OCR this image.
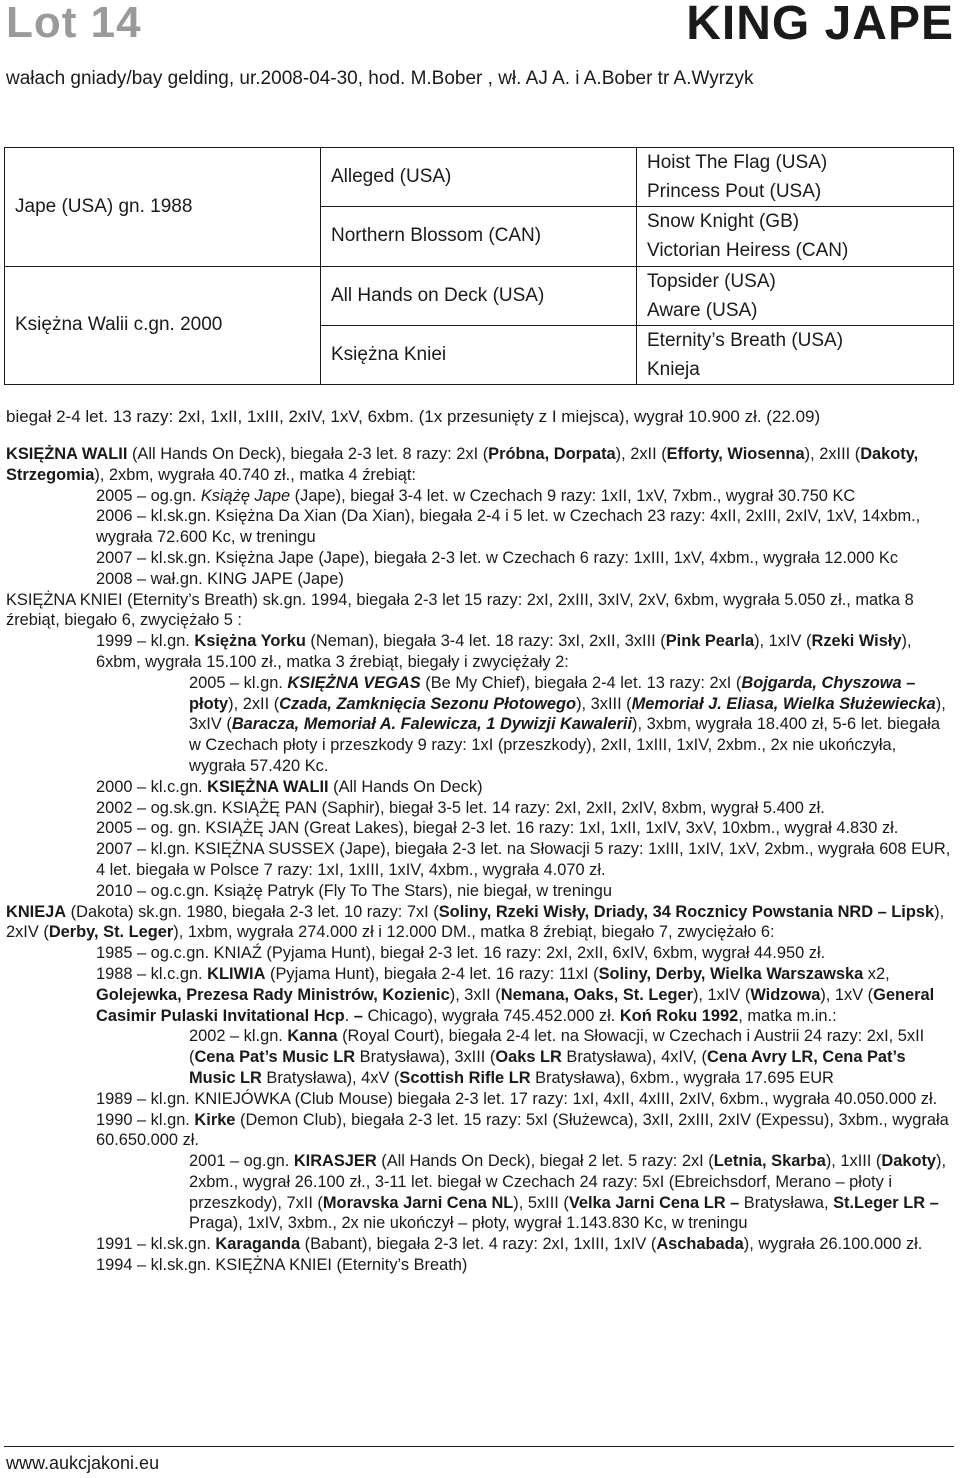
Lot 14	KING JAPE
wałach gniady/bay gelding, ur.2008-04-30, hod. M.Bober , wł. AJ A. i A.Bober tr A.Wyrzyk
Jape (USA) gn. 1988
Księżna Walii c.gn. 2000
Alleged (USA)
Northern Blossom (CAN)
All Hands on Deck (USA)
Księżna Kniei
Hoist The Flag (USA)
Princess Pout (USA)
Snow Knight (GB)
Victorian Heiress (CAN)
Topsider (USA)
Aware (USA)
Eternity’s Breath (USA)
Knieja

biegał 2-4 let. 13 razy: 2xI, 1xII, 1xIII, 2xIV, 1xV, 6xbm. (1x przesunięty z I miejsca), wygrał 10.900 zł. (22.09)

KSIĘŻNA WALII (All Hands On Deck), biegała 2-3 let. 8 razy: 2xI (Próbna, Dorpata), 2xII (Efforty, Wiosenna), 2xIII (Dakoty, Strzegomia), 2xbm, wygrała 40.740 zł., matka 4 źrebiąt:

2005 – og.gn. Książę Jape (Jape), biegał 3-4 let. w Czechach 9 razy: 1xII, 1xV, 7xbm., wygrał 30.750 KC

2006 – kl.sk.gn. Księżna Da Xian (Da Xian), biegała 2-4 i 5 let. w Czechach 23 razy: 4xII, 2xIII, 2xIV, 1xV, 14xbm., wygrała 72.600 Kc, w treningu

2007 – kl.sk.gn. Księżna Jape (Jape), biegała 2-3 let. w Czechach 6 razy: 1xIII, 1xV, 4xbm., wygrała 12.000 Kc

2008 – wał.gn. KING JAPE (Jape)

KSIĘŻNA KNIEI (Eternity’s Breath) sk.gn. 1994, biegała 2-3 let 15 razy: 2xI, 2xIII, 3xIV, 2xV, 6xbm, wygrała 5.050 zł., matka 8 źrebiąt, biegało 6, zwyciężało 5 :

1999 – kl.gn. Księżna Yorku (Neman), biegała 3-4 let. 18 razy: 3xI, 2xII, 3xIII (Pink Pearla), 1xIV (Rzeki Wisły), 6xbm, wygrała 15.100 zł., matka 3 źrebiąt, biegały i zwyciężały 2:

2005 – kl.gn. KSIĘŻNA VEGAS (Be My Chief), biegała 2-4 let. 13 razy: 2xI (Bojgarda, Chyszowa – płoty), 2xII (Czada, Zamknięcia Sezonu Płotowego), 3xIII (Memoriał J. Eliasa, Wielka Służewiecka), 3xIV (Baracza, Memoriał A. Falewicza, 1 Dywizji Kawalerii), 3xbm, wygrała 18.400 zł, 5-6 let. biegała w Czechach płoty i przeszkody 9 razy: 1xI (przeszkody), 2xII, 1xIII, 1xIV, 2xbm., 2x nie ukończyła, wygrała 57.420 Kc.

2000 – kl.c.gn. KSIĘŻNA WALII (All Hands On Deck)

2002 – og.sk.gn. KSIĄŻĘ PAN (Saphir), biegał 3-5 let. 14 razy: 2xI, 2xII, 2xIV, 8xbm, wygrał 5.400 zł.

2005 – og. gn. KSIĄŻĘ JAN (Great Lakes), biegał 2-3 let. 16 razy: 1xI, 1xII, 1xIV, 3xV, 10xbm., wygrał 4.830 zł.

2007 – kl.gn. KSIĘŻNA SUSSEX (Jape), biegała 2-3 let. na Słowacji 5 razy: 1xIII, 1xIV, 1xV, 2xbm., wygrała 608 EUR, 4 let. biegała w Polsce 7 razy: 1xI, 1xIII, 1xIV, 4xbm., wygrała 4.070 zł.

2010 – og.c.gn. Książę Patryk (Fly To The Stars), nie biegał, w treningu

KNIEJA (Dakota) sk.gn. 1980, biegała 2-3 let. 10 razy: 7xI (Soliny, Rzeki Wisły, Driady, 34 Rocznicy Powstania NRD – Lipsk), 2xIV (Derby, St. Leger), 1xbm, wygrała 274.000 zł i 12.000 DM., matka 8 źrebiąt, biegało 7, zwyciężało 6:

1985 – og.c.gn. KNIAŹ (Pyjama Hunt), biegał 2-3 let. 16 razy: 2xI, 2xII, 6xIV, 6xbm, wygrał 44.950 zł.

1988 – kl.c.gn. KLIWIA (Pyjama Hunt), biegała 2-4 let. 16 razy: 11xI (Soliny, Derby, Wielka Warszawska x2, Golejewka, Prezesa Rady Ministrów, Kozienic), 3xII (Nemana, Oaks, St. Leger), 1xIV (Widzowa), 1xV (General Casimir Pulaski Invitational Hcp. – Chicago), wygrała 745.452.000 zł. Koń Roku 1992, matka m.in.:

2002 – kl.gn. Kanna (Royal Court), biegała 2-4 let. na Słowacji, w Czechach i Austrii 24 razy: 2xI, 5xII (Cena Pat’s Music LR Bratysława), 3xIII (Oaks LR Bratysława), 4xIV, (Cena Avry LR, Cena Pat’s Music LR Bratysława), 4xV (Scottish Rifle LR Bratysława), 6xbm., wygrała 17.695 EUR

1989 – kl.gn. KNIEJÓWKA (Club Mouse) biegała 2-3 let. 17 razy: 1xI, 4xII, 4xIII, 2xIV, 6xbm., wygrała 40.050.000 zł.

1990 – kl.gn. Kirke (Demon Club), biegała 2-3 let. 15 razy: 5xI (Służewca), 3xII, 2xIII, 2xIV (Expessu), 3xbm., wygrała 60.650.000 zł.

2001 – og.gn. KIRASJER (All Hands On Deck), biegał 2 let. 5 razy: 2xI (Letnia, Skarba), 1xIII (Dakoty), 2xbm., wygrał 26.100 zł., 3-11 let. biegał w Czechach 24 razy: 5xI (Ebreichsdorf, Merano – płoty i przeszkody), 7xII (Moravska Jarni Cena NL), 5xIII (Velka Jarni Cena LR – Bratysława, St.Leger LR – Praga), 1xIV, 3xbm., 2x nie ukończył – płoty, wygrał 1.143.830 Kc, w treningu

1991 – kl.sk.gn. Karaganda (Babant), biegała 2-3 let. 4 razy: 2xI, 1xIII, 1xIV (Aschabada), wygrała 26.100.000 zł.

1994 – kl.sk.gn. KSIĘŻNA KNIEI (Eternity’s Breath)

www.aukcjakoni.eu
